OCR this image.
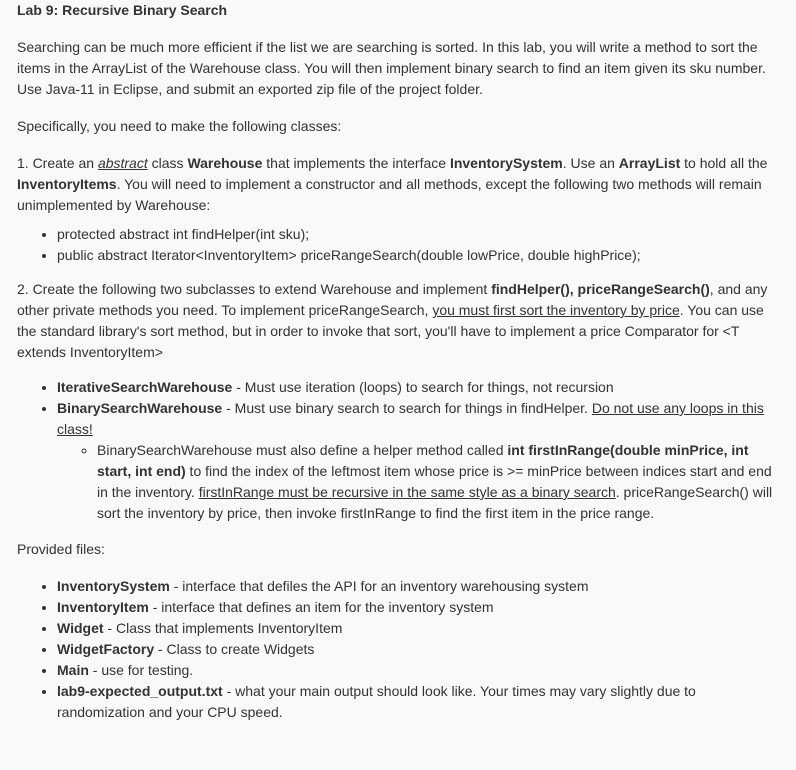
Lab 9: Recursive Binary Search

Searching can be much more efficient if the list we are searching is sorted. In this lab, you will write a method to sort the items in the ArrayList of the Warehouse class. You will then implement binary search to find an item given its sku number. Use Java-11 in Eclipse, and submit an exported zip file of the project folder.

Specifically, you need to make the following classes:

1. Create an abstract class Warehouse that implements the interface InventorySystem. Use an ArrayList to hold all the InventoryItems. You will need to implement a constructor and all methods, except the following two methods will remain unimplemented by Warehouse:

• protected abstract int findHelper(int sku);
• public abstract Iterator<InventoryItem> priceRangeSearch(double lowPrice, double highPrice);

2. Create the following two subclasses to extend Warehouse and implement findHelper(), priceRangeSearch(), and any other private methods you need. To implement priceRangeSearch, you must first sort the inventory by price. You can use the standard library's sort method, but in order to invoke that sort, you'll have to implement a price Comparator for <T extends InventoryItem>

• IterativeSearchWarehouse - Must use iteration (loops) to search for things, not recursion
• BinarySearchWarehouse - Must use binary search to search for things in findHelper. Do not use any loops in this class!
◦ BinarySearchWarehouse must also define a helper method called int firstInRange(double minPrice, int start, int end) to find the index of the leftmost item whose price is >= minPrice between indices start and end in the inventory. firstInRange must be recursive in the same style as a binary search. priceRangeSearch() will sort the inventory by price, then invoke firstInRange to find the first item in the price range.

Provided files:

• InventorySystem - interface that defiles the API for an inventory warehousing system
• InventoryItem - interface that defines an item for the inventory system
• Widget - Class that implements InventoryItem
• WidgetFactory - Class to create Widgets
• Main - use for testing.
• lab9-expected_output.txt - what your main output should look like. Your times may vary slightly due to randomization and your CPU speed.
